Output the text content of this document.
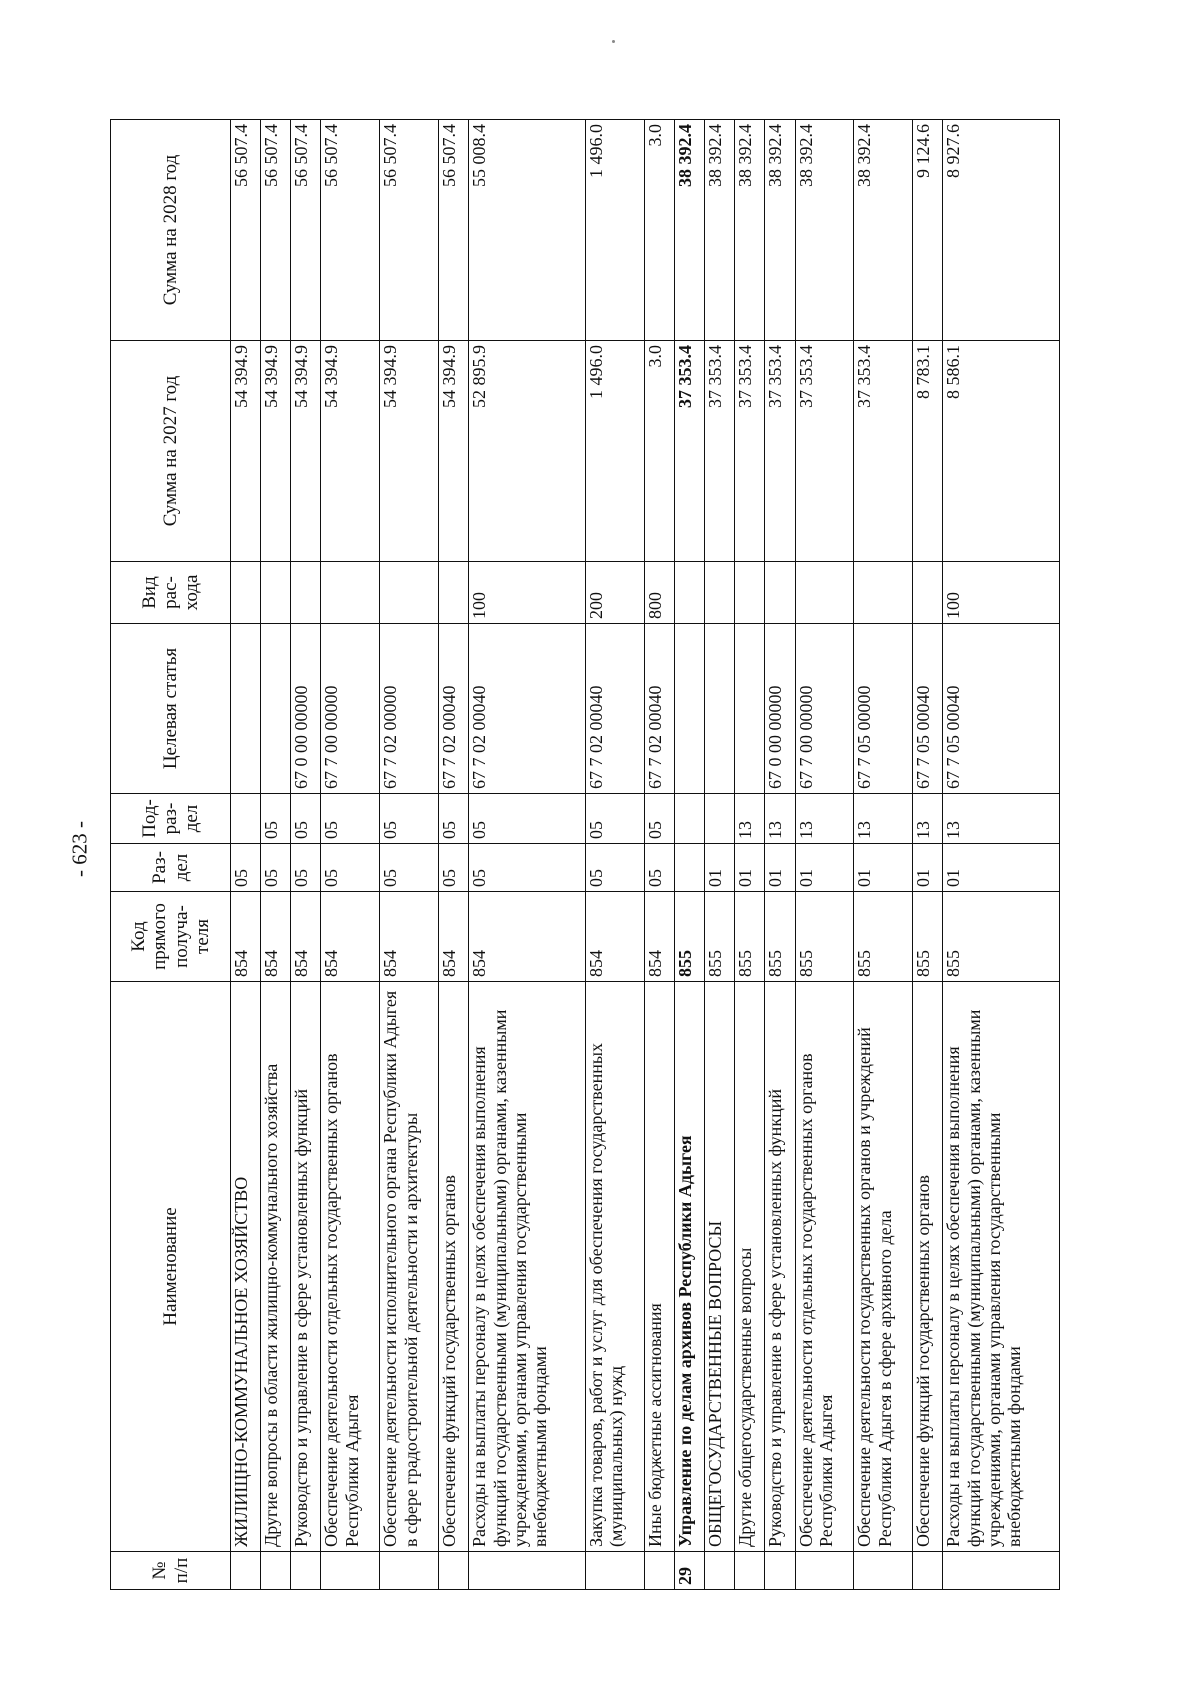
- 623 -
№ п/п	Наименование	Код прямого получа-теля	Раз-дел	Под-раз-дел	Целевая статья	Вид рас-хода	Сумма на 2027 год	Сумма на 2028 год
	ЖИЛИЩНО-КОММУНАЛЬНОЕ ХОЗЯЙСТВО	854	05				54 394.9	56 507.4
	Другие вопросы в области жилищно-коммунального хозяйства	854	05	05			54 394.9	56 507.4
	Руководство и управление в сфере установленных функций	854	05	05	67 0 00 00000		54 394.9	56 507.4
	Обеспечение деятельности отдельных государственных органов Республики Адыгея	854	05	05	67 7 00 00000		54 394.9	56 507.4
	Обеспечение деятельности исполнительного органа Республики Адыгея в сфере градостроительной деятельности и архитектуры	854	05	05	67 7 02 00000		54 394.9	56 507.4
	Обеспечение функций государственных органов	854	05	05	67 7 02 00040		54 394.9	56 507.4
	Расходы на выплаты персоналу в целях обеспечения выполнения функций государственными (муниципальными) органами, казенными учреждениями, органами управления государственными внебюджетными фондами	854	05	05	67 7 02 00040	100	52 895.9	55 008.4
	Закупка товаров, работ и услуг для обеспечения государственных (муниципальных) нужд	854	05	05	67 7 02 00040	200	1 496.0	1 496.0
	Иные бюджетные ассигнования	854	05	05	67 7 02 00040	800	3.0	3.0
29	Управление по делам архивов Республики Адыгея	855					37 353.4	38 392.4
	ОБЩЕГОСУДАРСТВЕННЫЕ ВОПРОСЫ	855	01				37 353.4	38 392.4
	Другие общегосударственные вопросы	855	01	13			37 353.4	38 392.4
	Руководство и управление в сфере установленных функций	855	01	13	67 0 00 00000		37 353.4	38 392.4
	Обеспечение деятельности отдельных государственных органов Республики Адыгея	855	01	13	67 7 00 00000		37 353.4	38 392.4
	Обеспечение деятельности государственных органов и учреждений Республики Адыгея в сфере архивного дела	855	01	13	67 7 05 00000		37 353.4	38 392.4
	Обеспечение функций государственных органов	855	01	13	67 7 05 00040		8 783.1	9 124.6
	Расходы на выплаты персоналу в целях обеспечения выполнения функций государственными (муниципальными) органами, казенными учреждениями, органами управления государственными внебюджетными фондами	855	01	13	67 7 05 00040	100	8 586.1	8 927.6
